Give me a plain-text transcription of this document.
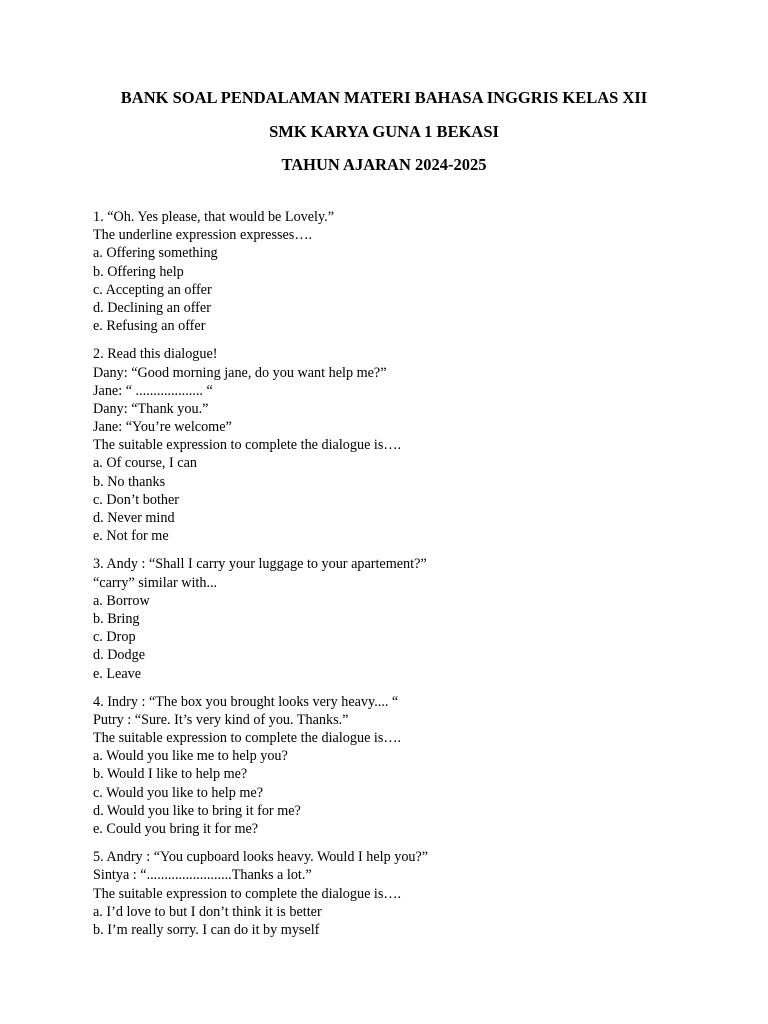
BANK SOAL PENDALAMAN MATERI BAHASA INGGRIS KELAS XII
SMK KARYA GUNA 1 BEKASI
TAHUN AJARAN 2024-2025
1. “Oh. Yes please, that would be Lovely.”
The underline expression expresses….
a. Offering something
b. Offering help
c. Accepting an offer
d. Declining an offer
e. Refusing an offer
2. Read this dialogue!
Dany: “Good morning jane, do you want help me?”
Jane: “ ................... “
Dany: “Thank you.”
Jane: “You’re welcome”
The suitable expression to complete the dialogue is….
a. Of course, I can
b. No thanks
c. Don’t bother
d. Never mind
e. Not for me
3. Andy : “Shall I carry your luggage to your apartement?”
“carry” similar with...
a. Borrow
b. Bring
c. Drop
d. Dodge
e. Leave
4. Indry : “The box you brought looks very heavy.... “
Putry : “Sure. It’s very kind of you. Thanks.”
The suitable expression to complete the dialogue is….
a. Would you like me to help you?
b. Would I like to help me?
c. Would you like to help me?
d. Would you like to bring it for me?
e. Could you bring it for me?
5. Andry : “You cupboard looks heavy. Would I help you?”
Sintya : “........................Thanks a lot.”
The suitable expression to complete the dialogue is….
a. I’d love to but I don’t think it is better
b. I’m really sorry. I can do it by myself
